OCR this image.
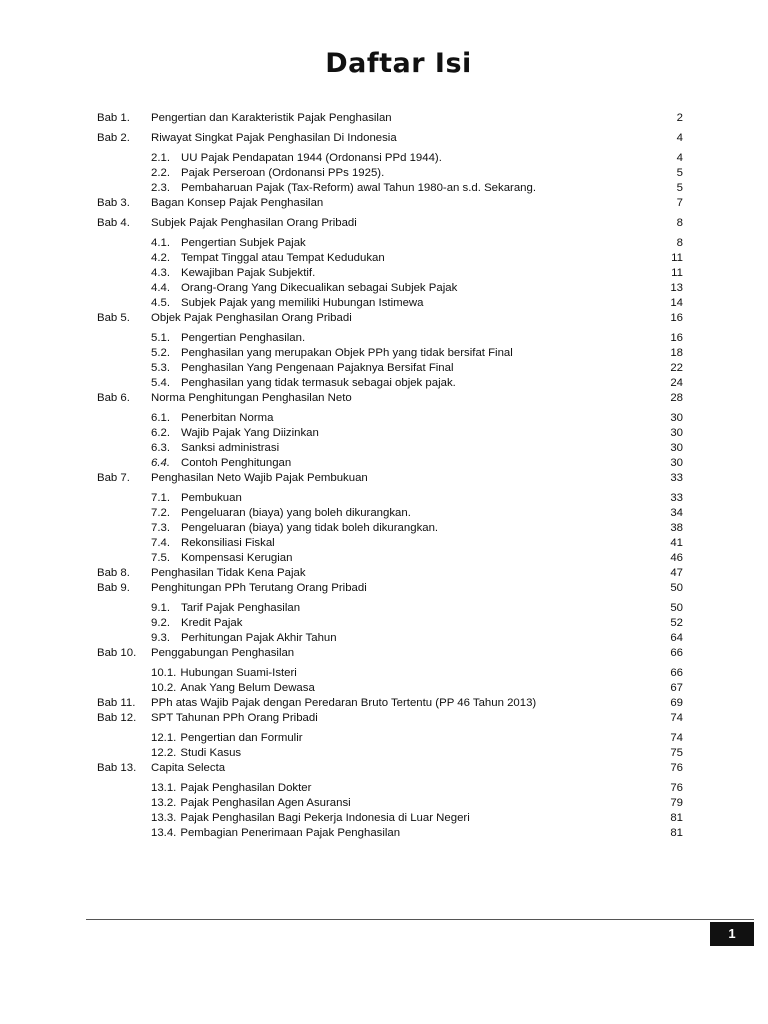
Daftar Isi
Bab 1. Pengertian dan Karakteristik Pajak Penghasilan	2
Bab 2. Riwayat Singkat Pajak Penghasilan Di Indonesia	4
2.1. UU Pajak Pendapatan 1944 (Ordonansi PPd 1944).	4
2.2. Pajak Perseroan (Ordonansi PPs 1925).	5
2.3. Pembaharuan Pajak (Tax-Reform) awal Tahun 1980-an s.d. Sekarang.	5
Bab 3. Bagan Konsep Pajak Penghasilan	7
Bab 4. Subjek Pajak Penghasilan Orang Pribadi	8
4.1. Pengertian Subjek Pajak	8
4.2. Tempat Tinggal atau Tempat Kedudukan	11
4.3. Kewajiban Pajak Subjektif.	11
4.4. Orang-Orang Yang Dikecualikan sebagai Subjek Pajak	13
4.5. Subjek Pajak yang memiliki Hubungan Istimewa	14
Bab 5. Objek Pajak Penghasilan Orang Pribadi	16
5.1. Pengertian Penghasilan.	16
5.2. Penghasilan yang merupakan Objek PPh yang tidak bersifat Final	18
5.3. Penghasilan Yang Pengenaan Pajaknya Bersifat Final	22
5.4. Penghasilan yang tidak termasuk sebagai objek pajak.	24
Bab 6. Norma Penghitungan Penghasilan Neto	28
6.1. Penerbitan Norma	30
6.2. Wajib Pajak Yang Diizinkan	30
6.3. Sanksi administrasi	30
6.4. Contoh Penghitungan	30
Bab 7. Penghasilan Neto Wajib Pajak Pembukuan	33
7.1. Pembukuan	33
7.2. Pengeluaran (biaya) yang boleh dikurangkan.	34
7.3. Pengeluaran (biaya) yang tidak boleh dikurangkan.	38
7.4. Rekonsiliasi Fiskal	41
7.5. Kompensasi Kerugian	46
Bab 8. Penghasilan Tidak Kena Pajak	47
Bab 9. Penghitungan PPh Terutang Orang Pribadi	50
9.1. Tarif Pajak Penghasilan	50
9.2. Kredit Pajak	52
9.3. Perhitungan Pajak Akhir Tahun	64
Bab 10. Penggabungan Penghasilan	66
10.1. Hubungan Suami-Isteri	66
10.2. Anak Yang Belum Dewasa	67
Bab 11. PPh atas Wajib Pajak dengan Peredaran Bruto Tertentu (PP 46 Tahun 2013)	69
Bab 12. SPT Tahunan PPh Orang Pribadi	74
12.1. Pengertian dan Formulir	74
12.2. Studi Kasus	75
Bab 13. Capita Selecta	76
13.1. Pajak Penghasilan Dokter	76
13.2. Pajak Penghasilan Agen Asuransi	79
13.3. Pajak Penghasilan Bagi Pekerja Indonesia di Luar Negeri	81
13.4. Pembagian Penerimaan Pajak Penghasilan	81
1
